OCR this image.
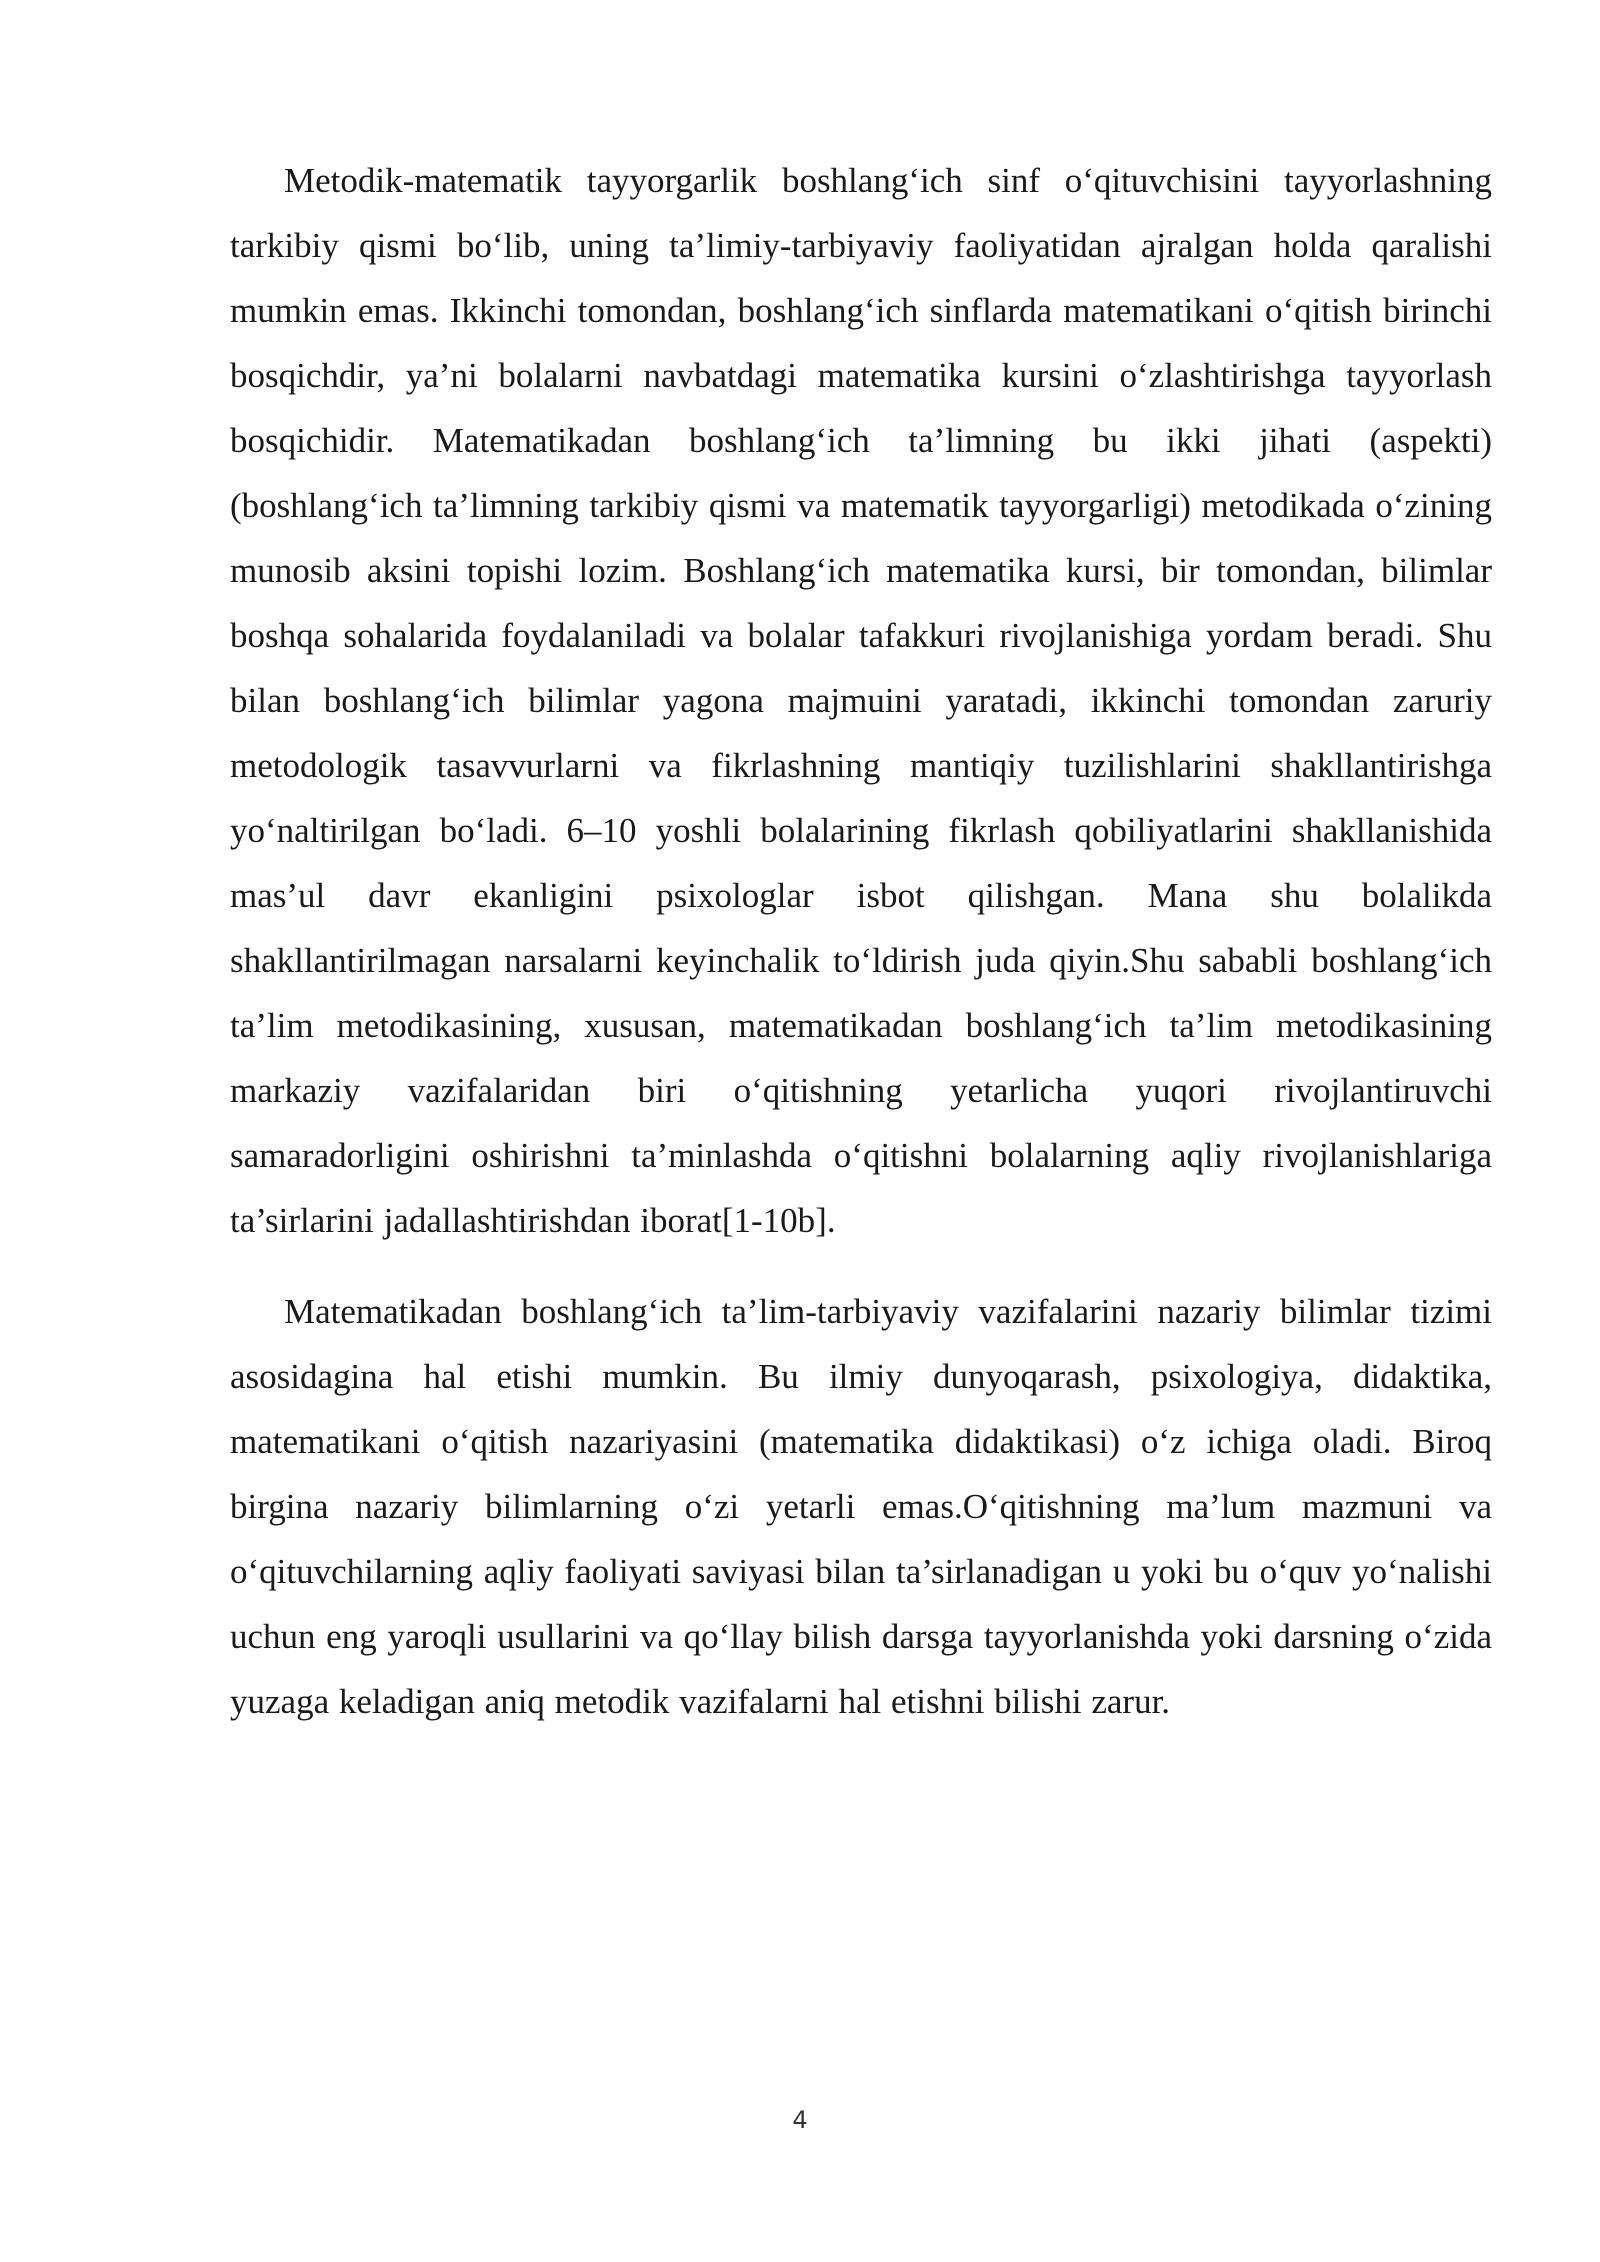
Metodik-matematik tayyorgarlik boshlang‘ich sinf o‘qituvchisini tayyorlashning tarkibiy qismi bo‘lib, uning ta’limiy-tarbiyaviy faoliyatidan ajralgan holda qaralishi mumkin emas. Ikkinchi tomondan, boshlang‘ich sinflarda matematikani o‘qitish birinchi bosqichdir, ya’ni bolalarni navbatdagi matematika kursini o‘zlashtirishga tayyorlash bosqichidir. Matematikadan boshlang‘ich ta’limning bu ikki jihati (aspekti) (boshlang‘ich ta’limning tarkibiy qismi va matematik tayyorgarligi) metodikada o‘zining munosib aksini topishi lozim. Boshlang‘ich matematika kursi, bir tomondan, bilimlar boshqa sohalarida foydalaniladi va bolalar tafakkuri rivojlanishiga yordam beradi. Shu bilan boshlang‘ich bilimlar yagona majmuini yaratadi, ikkinchi tomondan zaruriy metodologik tasavvurlarni va fikrlashning mantiqiy tuzilishlarini shakllantirishga yo‘naltirilgan bo‘ladi. 6–10 yoshli bolalarining fikrlash qobiliyatlarini shakllanishida mas’ul davr ekanligini psixologlar isbot qilishgan. Mana shu bolalikda shakllantirilmagan narsalarni keyinchalik to‘ldirish juda qiyin.Shu sababli boshlang‘ich ta’lim metodikasining, xususan, matematikadan boshlang‘ich ta’lim metodikasining markaziy vazifalaridan biri o‘qitishning yetarlicha yuqori rivojlantiruvchi samaradorligini oshirishni ta’minlashda o‘qitishni bolalarning aqliy rivojlanishlariga ta’sirlarini jadallashtirishdan iborat[1-10b].

Matematikadan boshlang‘ich ta’lim-tarbiyaviy vazifalarini nazariy bilimlar tizimi asosidagina hal etishi mumkin. Bu ilmiy dunyoqarash, psixologiya, didaktika, matematikani o‘qitish nazariyasini (matematika didaktikasi) o‘z ichiga oladi. Biroq birgina nazariy bilimlarning o‘zi yetarli emas.O‘qitishning ma’lum mazmuni va o‘qituvchilarning aqliy faoliyati saviyasi bilan ta’sirlanadigan u yoki bu o‘quv yo‘nalishi uchun eng yaroqli usullarini va qo‘llay bilish darsga tayyorlanishda yoki darsning o‘zida yuzaga keladigan aniq metodik vazifalarni hal etishni bilishi zarur.

4
